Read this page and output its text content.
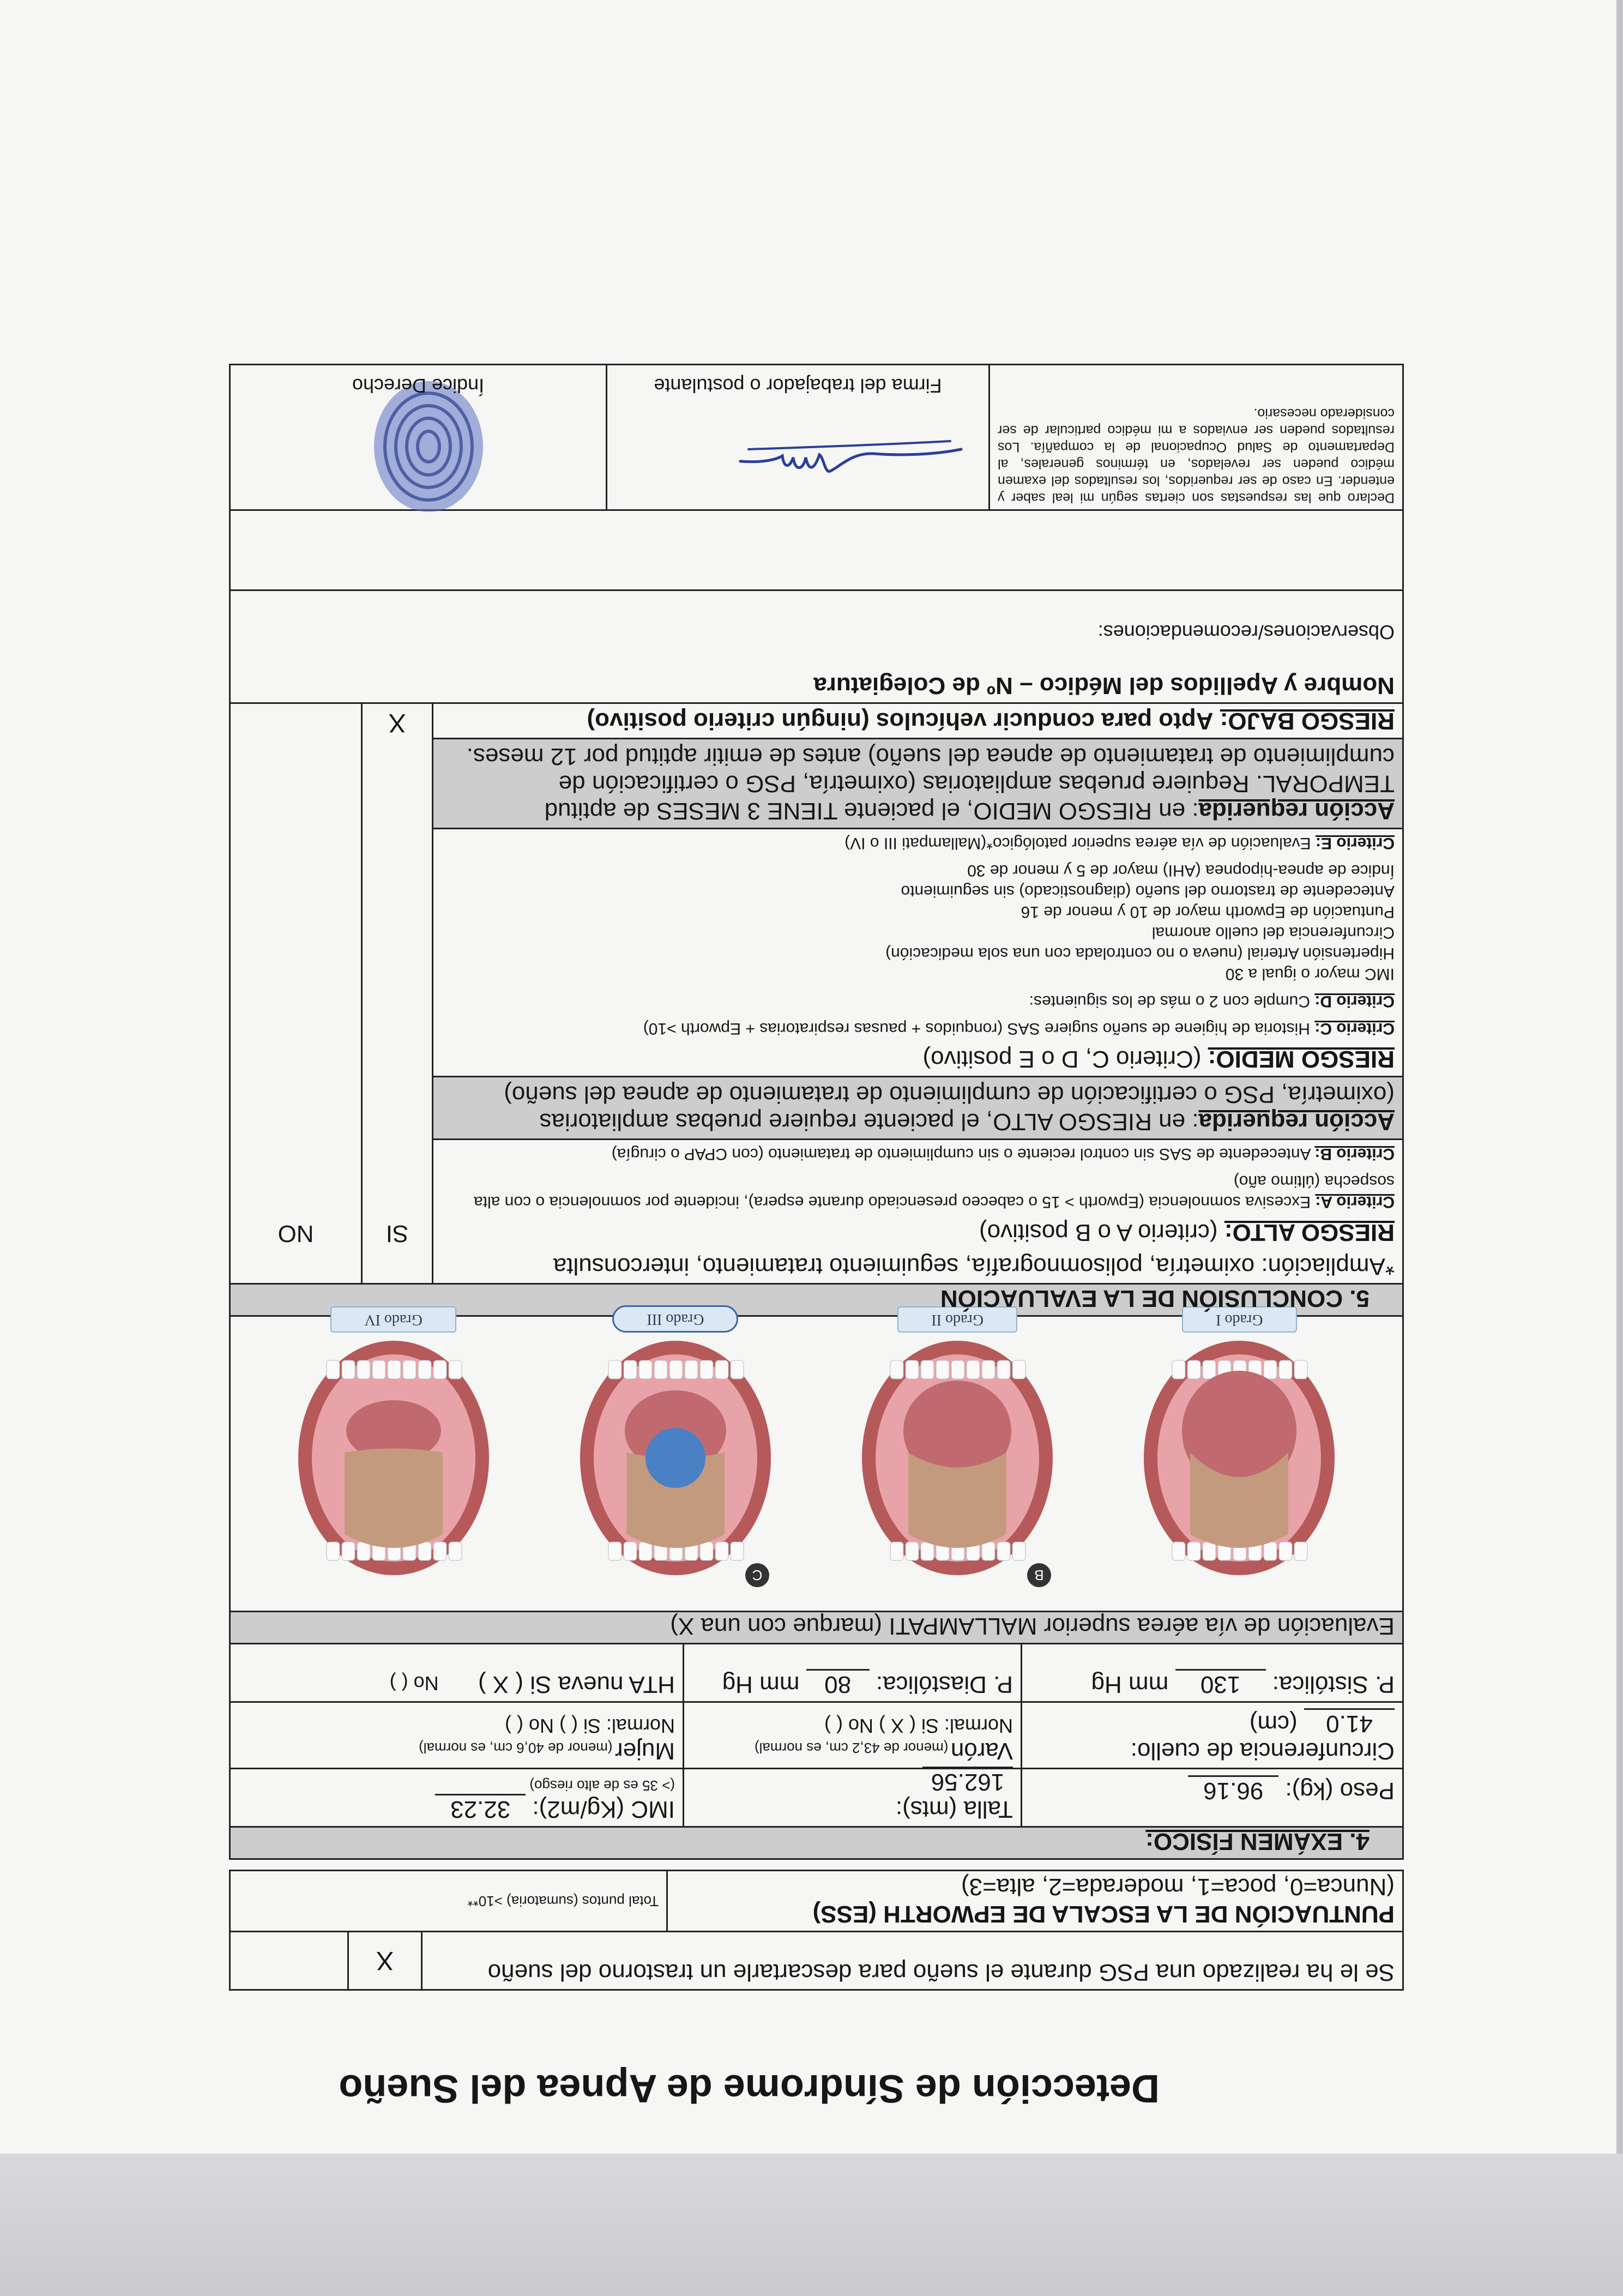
Detección de Síndrome de Apnea del Sueño
Se le ha realizado una PSG durante el sueño para descartarle un trastorno del sueño
X
PUNTUACIÓN DE LA ESCALA DE EPWORTH (ESS)
(Nunca=0, poca=1, moderada=2, alta=3)
Total puntos (sumatoria) >10**
4. EXÁMEN FÍSICO:
Peso (kg): 96.16
Talla (mts):
162.56
IMC (Kg/m2): 32.23
(> 35 es de alto riesgo)
Circunferencia de cuello:
41.0 (cm)
Varón (menor de 43,2 cm, es normal)
Normal: Si ( X ) No ( )
Mujer (menor de 40,6 cm, es normal)
Normal: Si ( ) No ( )
P. Sistólica: 130 mm Hg
P. Diastólica: 80 mm Hg
HTA nueva Si ( X ) No ( )
Evaluación de vía aérea superior MALLAMPATI (marque con una X)
Grado I
B
Grado II
C
Grado III
Grado IV
5. CONCLUSIÓN DE LA EVALUACIÓN
*Ampliación: oximetría, polisomnografía, seguimiento tratamiento, interconsulta
RIESGO ALTO: (criterio A o B positivo)
Criterio A: Excesiva somnolencia (Epworth > 15 o cabeceo presenciado durante espera), incidente por somnolencia o con alta sospecha (último año)
Criterio B: Antecedente de SAS sin control reciente o sin cumplimiento de tratamiento (con CPAP o cirugía)
Acción requerida: en RIESGO ALTO, el paciente requiere pruebas ampliatorias (oximetría, PSG o certificación de cumplimiento de tratamiento de apnea del sueño)
RIESGO MEDIO: (Criterio C, D o E positivo)
Criterio C: Historia de higiene de sueño sugiere SAS (ronquidos + pausas respiratorias + Epworth >10)
Criterio D: Cumple con 2 o más de los siguientes:
IMC mayor o igual a 30
Hipertensión Arterial (nueva o no controlada con una sola medicación)
Circunferencia del cuello anormal
Puntuación de Epworth mayor de 10 y menor de 16
Antecedente de trastorno del sueño (diagnosticado) sin seguimiento
Índice de apnea-hipopnea (AHI) mayor de 5 y menor de 30
Criterio E: Evaluación de vía aérea superior patológico*(Mallampati III o IV)
Acción requerida: en RIESGO MEDIO, el paciente TIENE 3 MESES de aptitud TEMPORAL. Requiere pruebas ampliatorias (oximetría, PSG o certificación de cumplimiento de tratamiento de apnea del sueño) antes de emitir aptitud por 12 meses.
RIESGO BAJO: Apto para conducir vehículos (ningún criterio positivo)
SI
X
NO
Nombre y Apellidos del Médico – Nº de Colegiatura
Observaciones/recomendaciones:
Declaro que las respuestas son ciertas según mi leal saber y entender. En caso de ser requeridos, los resultados del examen médico pueden ser revelados, en términos generales, al Departamento de Salud Ocupacional de la compañía. Los resultados pueden ser enviados a mi médico particular de ser considerado necesario.
Firma del trabajador o postulante
Índice Derecho
